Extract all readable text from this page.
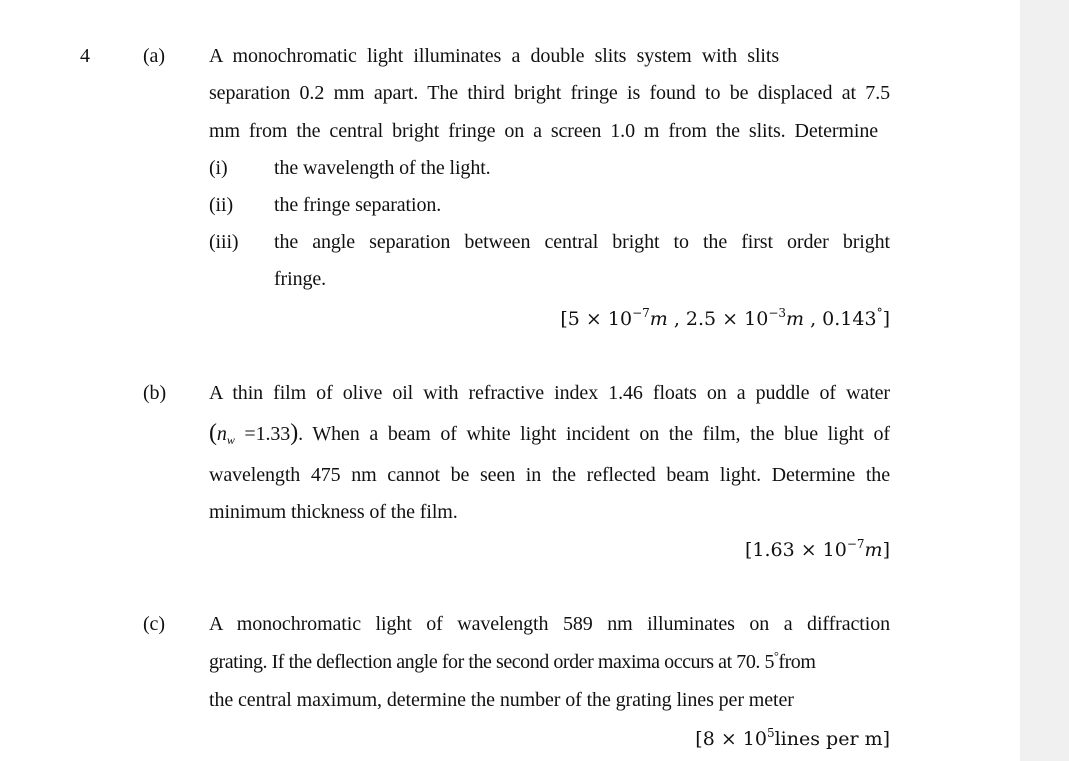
4	(a) A monochromatic light illuminates a double slits system with slits
separation 0.2 mm apart. The third bright fringe is found to be displaced at 7.5
mm from the central bright fringe on a screen 1.0 m from the slits. Determine
(i) the wavelength of the light.
(ii) the fringe separation.
(iii) the angle separation between central bright to the first order bright
fringe.
[$5 \times 10^{-7}m$ , $2.5 \times 10^{-3}m$ , 0.143°]
(b) A thin film of olive oil with refractive index 1.46 floats on a puddle of water
$(n_w =1.33)$. When a beam of white light incident on the film, the blue light of
wavelength 475 nm cannot be seen in the reflected beam light. Determine the
minimum thickness of the film.
$[1.63 \times 10^{-7}m]$
(c) A monochromatic light of wavelength 589 nm illuminates on a diffraction
grating. If the deflection angle for the second order maxima occurs at 70. 5°from
the central maximum, determine the number of the grating lines per meter
[$8 \times 10^5lines$ per m]
